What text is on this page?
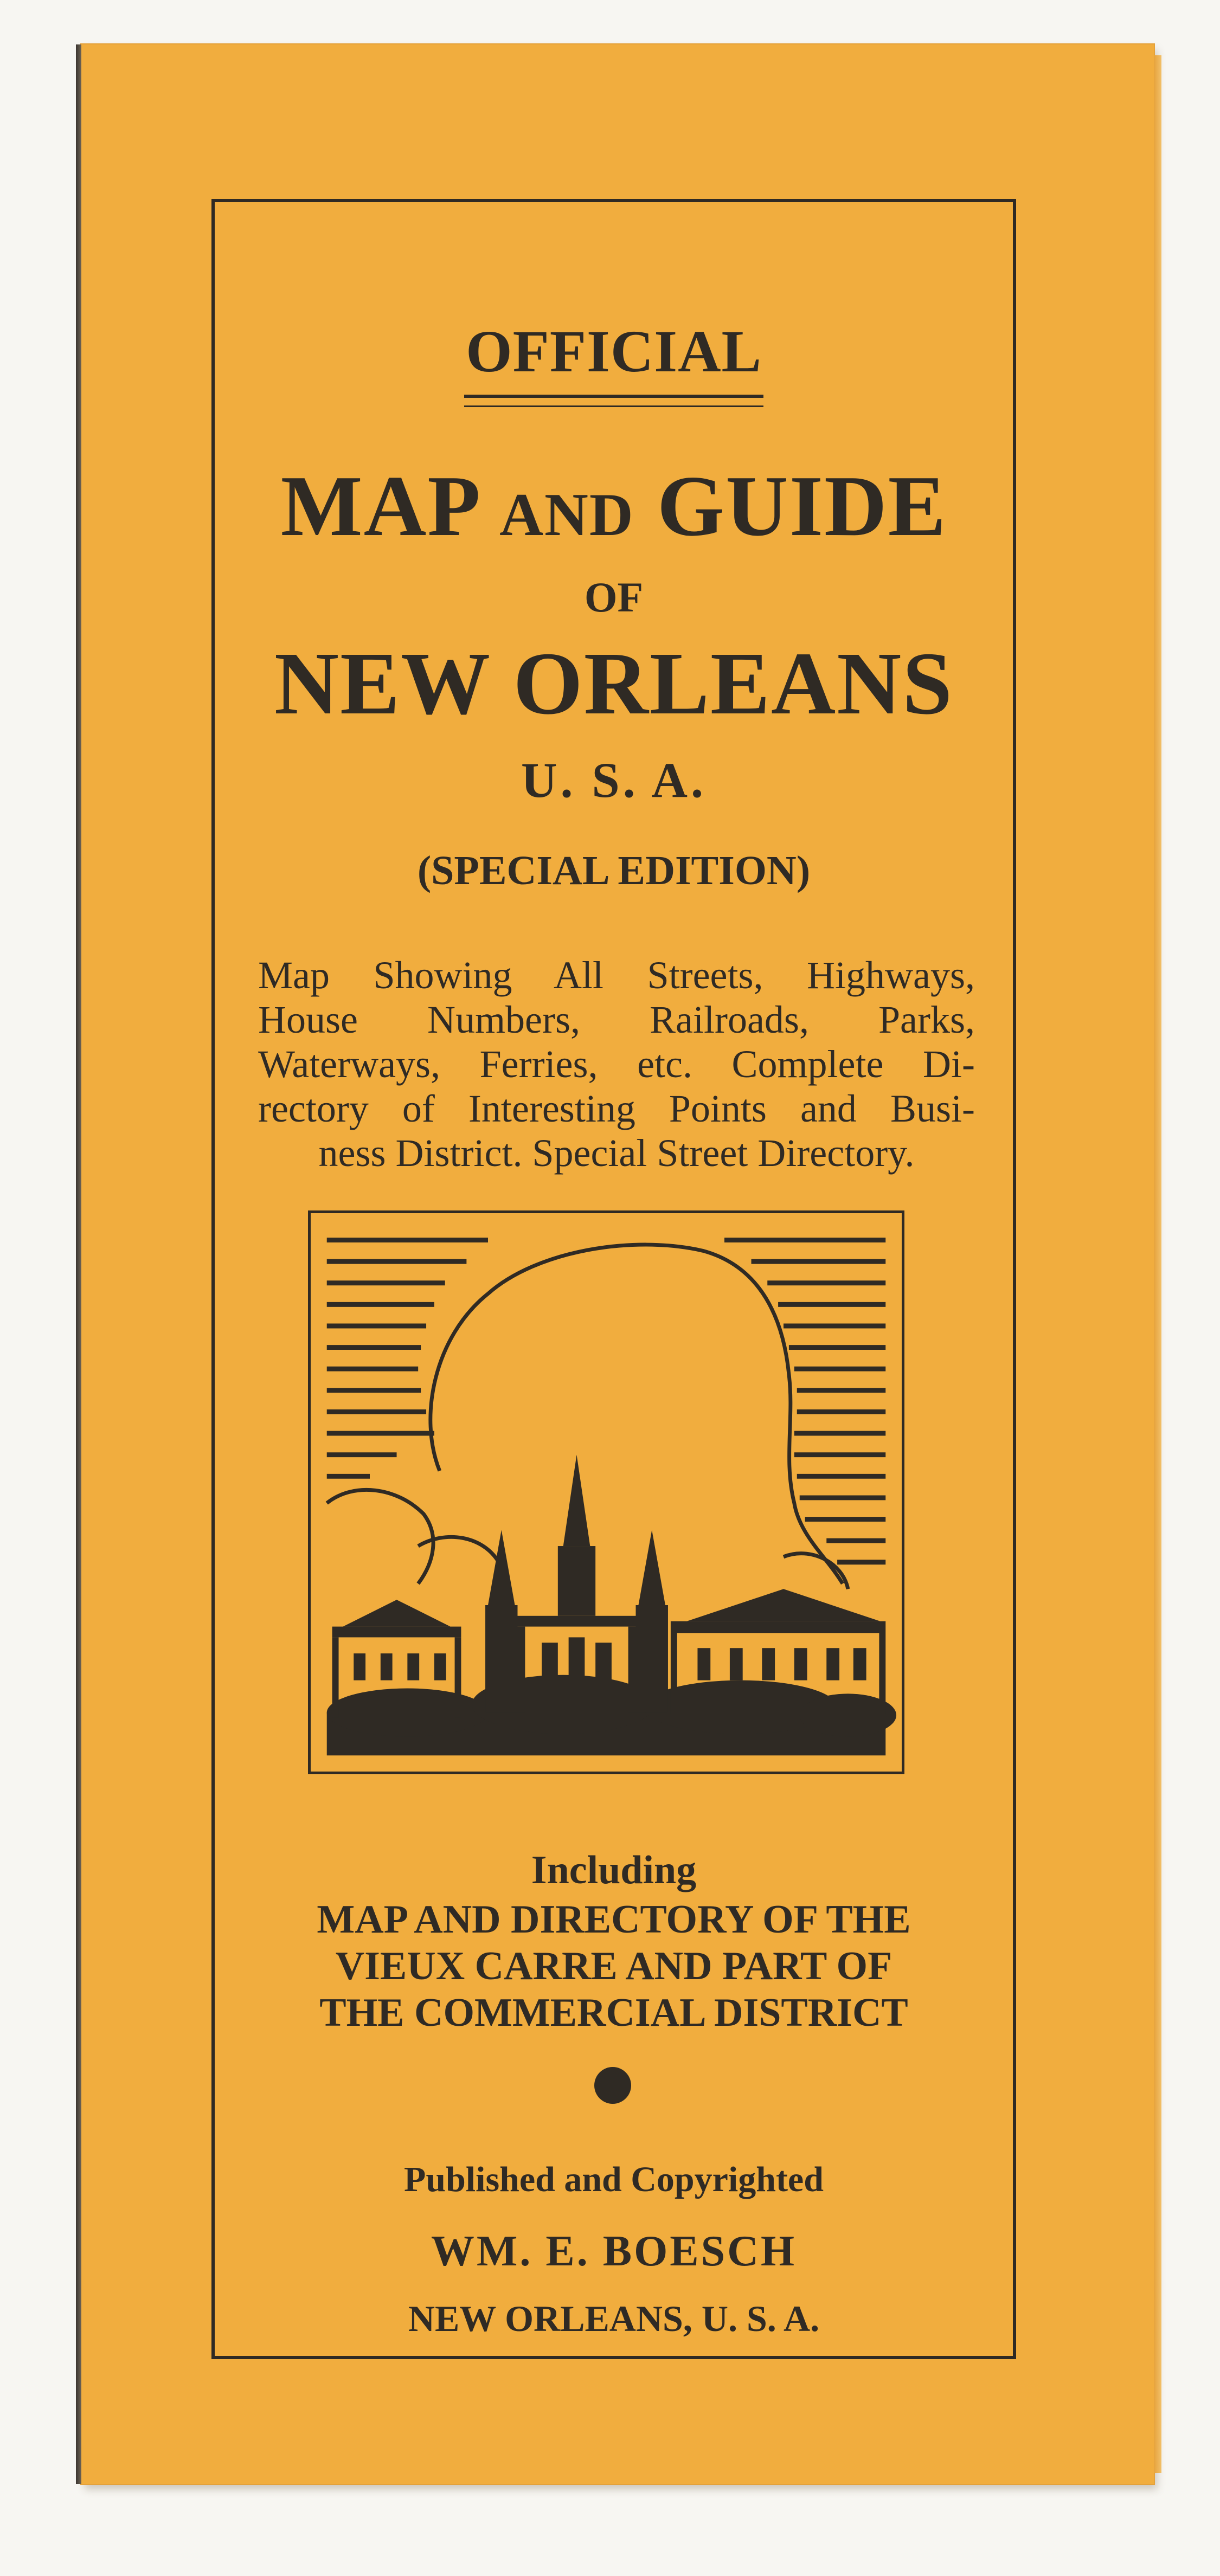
OFFICIAL
MAP AND GUIDE
OF
NEW ORLEANS
U. S. A.
(SPECIAL EDITION)
Map Showing All Streets, Highways,
House Numbers, Railroads, Parks,
Waterways, Ferries, etc. Complete Di-
rectory of Interesting Points and Busi-
ness District. Special Street Directory.
Including
MAP AND DIRECTORY OF THE
VIEUX CARRE AND PART OF
THE COMMERCIAL DISTRICT
Published and Copyrighted
WM. E. BOESCH
NEW ORLEANS, U. S. A.
